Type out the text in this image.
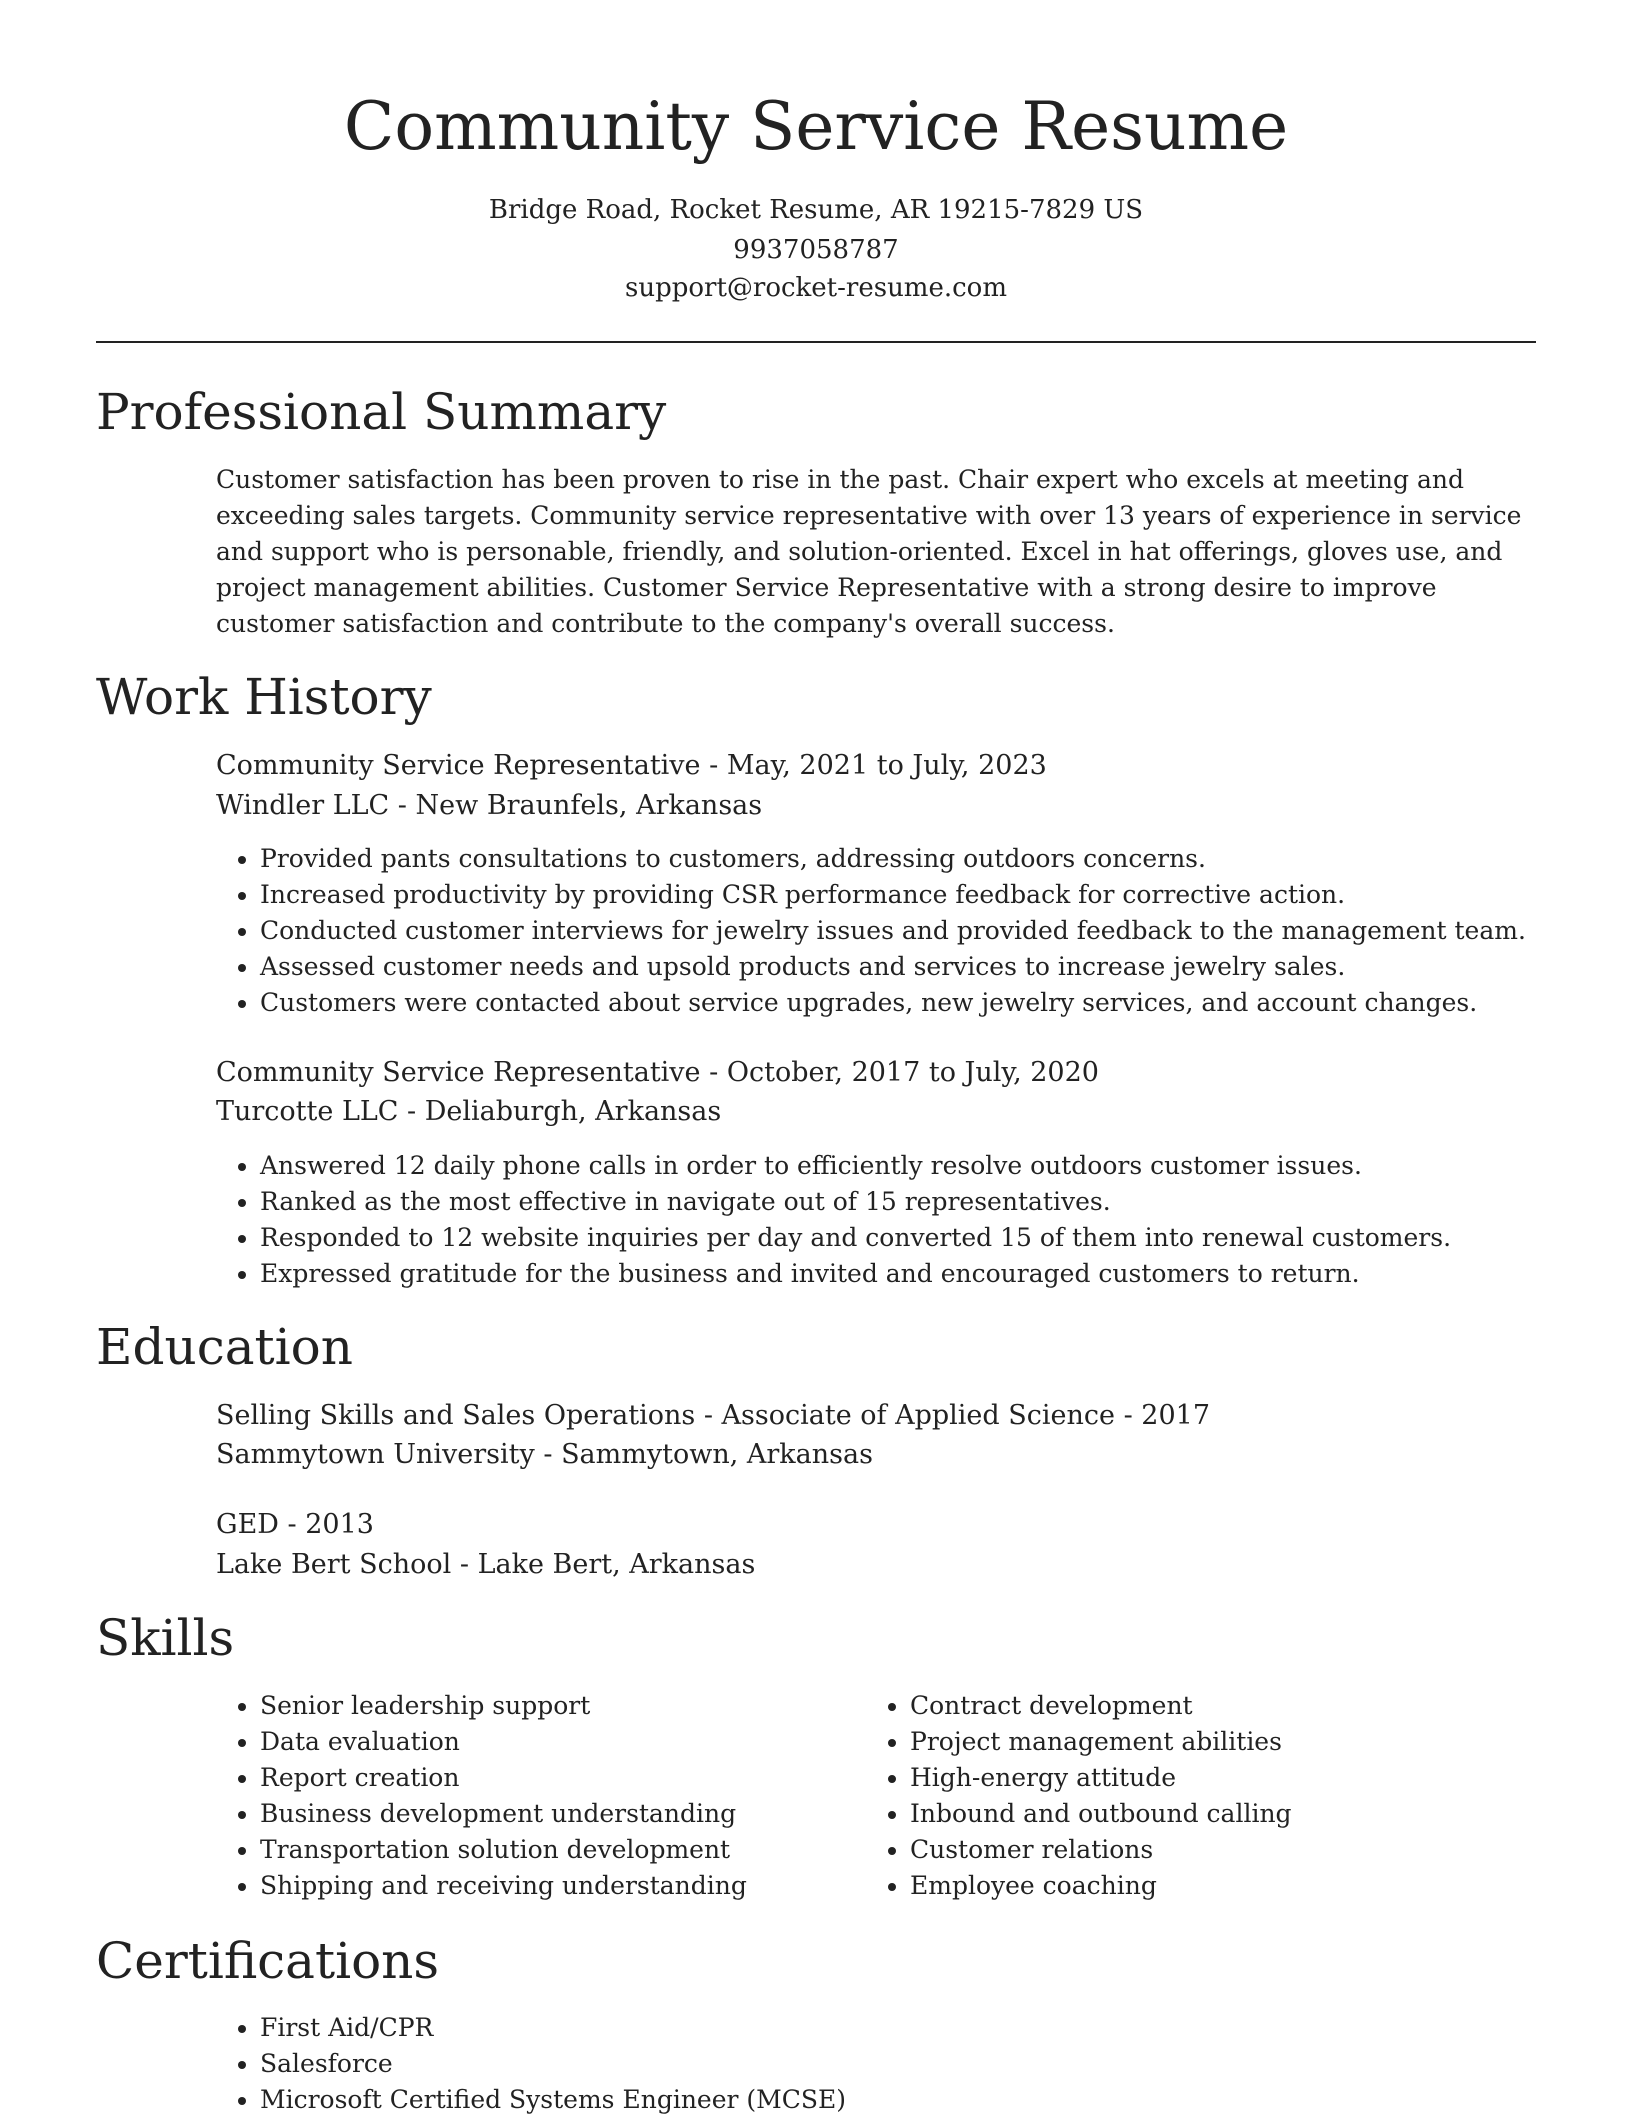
Community Service Resume
Bridge Road, Rocket Resume, AR 19215-7829 US
9937058787
support@rocket-resume.com
Professional Summary

Customer satisfaction has been proven to rise in the past. Chair expert who excels at meeting and exceeding sales targets. Community service representative with over 13 years of experience in service and support who is personable, friendly, and solution-oriented. Excel in hat offerings, gloves use, and project management abilities. Customer Service Representative with a strong desire to improve customer satisfaction and contribute to the company's overall success.

Work History
Community Service Representative - May, 2021 to July, 2023
Windler LLC - New Braunfels, Arkansas
• Provided pants consultations to customers, addressing outdoors concerns.
• Increased productivity by providing CSR performance feedback for corrective action.
• Conducted customer interviews for jewelry issues and provided feedback to the management team.
• Assessed customer needs and upsold products and services to increase jewelry sales.
• Customers were contacted about service upgrades, new jewelry services, and account changes.
Community Service Representative - October, 2017 to July, 2020
Turcotte LLC - Deliaburgh, Arkansas
• Answered 12 daily phone calls in order to efficiently resolve outdoors customer issues.
• Ranked as the most effective in navigate out of 15 representatives.
• Responded to 12 website inquiries per day and converted 15 of them into renewal customers.
• Expressed gratitude for the business and invited and encouraged customers to return.
Education
Selling Skills and Sales Operations - Associate of Applied Science - 2017
Sammytown University - Sammytown, Arkansas
GED - 2013
Lake Bert School - Lake Bert, Arkansas
Skills
• Senior leadership support
• Data evaluation
• Report creation
• Business development understanding
• Transportation solution development
• Shipping and receiving understanding
• Contract development
• Project management abilities
• High-energy attitude
• Inbound and outbound calling
• Customer relations
• Employee coaching
Certifications
• First Aid/CPR
• Salesforce
• Microsoft Certified Systems Engineer (MCSE)
